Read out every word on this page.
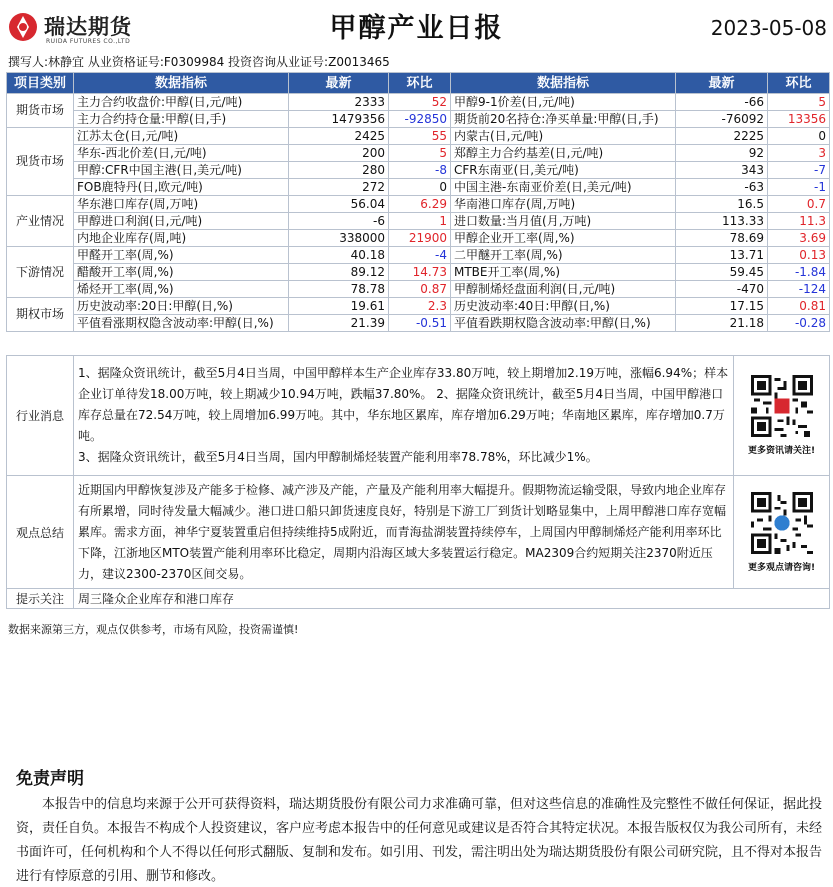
瑞达期货
RUIDA FUTURES CO.,LTD	甲醇产业日报	2023-05-08
撰写人:林静宜 从业资格证号:F0309984 投资咨询从业证号:Z0013465
项目类别	数据指标	最新	环比	数据指标	最新	环比
期货市场	主力合约收盘价:甲醇(日,元/吨)	2333	52	甲醇9-1价差(日,元/吨)	-66	5
	主力合约持仓量:甲醇(日,手)	1479356	-92850	期货前20名持仓:净买单量:甲醇(日,手)	-76092	13356
现货市场	江苏太仓(日,元/吨)	2425	55	内蒙古(日,元/吨)	2225	0
	华东-西北价差(日,元/吨)	200	5	郑醇主力合约基差(日,元/吨)	92	3
	甲醇:CFR中国主港(日,美元/吨)	280	-8	CFR东南亚(日,美元/吨)	343	-7
	FOB鹿特丹(日,欧元/吨)	272	0	中国主港-东南亚价差(日,美元/吨)	-63	-1
产业情况	华东港口库存(周,万吨)	56.04	6.29	华南港口库存(周,万吨)	16.5	0.7
	甲醇进口利润(日,元/吨)	-6	1	进口数量:当月值(月,万吨)	113.33	11.3
	内地企业库存(周,吨)	338000	21900	甲醇企业开工率(周,%)	78.69	3.69
下游情况	甲醛开工率(周,%)	40.18	-4	二甲醚开工率(周,%)	13.71	0.13
	醋酸开工率(周,%)	89.12	14.73	MTBE开工率(周,%)	59.45	-1.84
	烯烃开工率(周,%)	78.78	0.87	甲醇制烯烃盘面利润(日,元/吨)	-470	-124
期权市场	历史波动率:20日:甲醇(日,%)	19.61	2.3	历史波动率:40日:甲醇(日,%)	17.15	0.81
	平值看涨期权隐含波动率:甲醇(日,%)	21.39	-0.51	平值看跌期权隐含波动率:甲醇(日,%)	21.18	-0.28
行业消息	1、据隆众资讯统计，截至5月4日当周，中国甲醇样本生产企业库存33.80万吨，较上期增加2.19万吨，涨幅6.94%；样本企业订单待发18.00万吨，较上期减少10.94万吨，跌幅37.80%。 2、据隆众资讯统计，截至5月4日当周，中国甲醇港口库存总量在72.54万吨，较上周增加6.99万吨。其中，华东地区累库，库存增加6.29万吨；华南地区累库，库存增加0.7万吨。
3、据隆众资讯统计，截至5月4日当周，国内甲醇制烯烃装置产能利用率78.78%，环比减少1%。	更多资讯请关注!

观点总结	近期国内甲醇恢复涉及产能多于检修、减产涉及产能，产量及产能利用率大幅提升。假期物流运输受限，导致内地企业库存有所累增，同时待发量大幅减少。港口进口船只卸货速度良好，特别是下游工厂到货计划略显集中，上周甲醇港口库存宽幅累库。需求方面，神华宁夏装置重启但持续维持5成附近，而青海盐湖装置持续停车，上周国内甲醇制烯烃产能利用率环比下降，江浙地区MTO装置产能利用率环比稳定，周期内沿海区域大多装置运行稳定。MA2309合约短期关注2370附近压力，建议2300-2370区间交易。	更多观点请咨询!

提示关注	周三隆众企业库存和港口库存	
数据来源第三方，观点仅供参考，市场有风险，投资需谨慎!
免责声明
本报告中的信息均来源于公开可获得资料，瑞达期货股份有限公司力求准确可靠，但对这些信息的准确性及完整性不做任何保证，据此投资，责任自负。本报告不构成个人投资建议，客户应考虑本报告中的任何意见或建议是否符合其特定状况。本报告版权仅为我公司所有，未经书面许可，任何机构和个人不得以任何形式翻版、复制和发布。如引用、刊发，需注明出处为瑞达期货股份有限公司研究院，且不得对本报告进行有悖原意的引用、删节和修改。
